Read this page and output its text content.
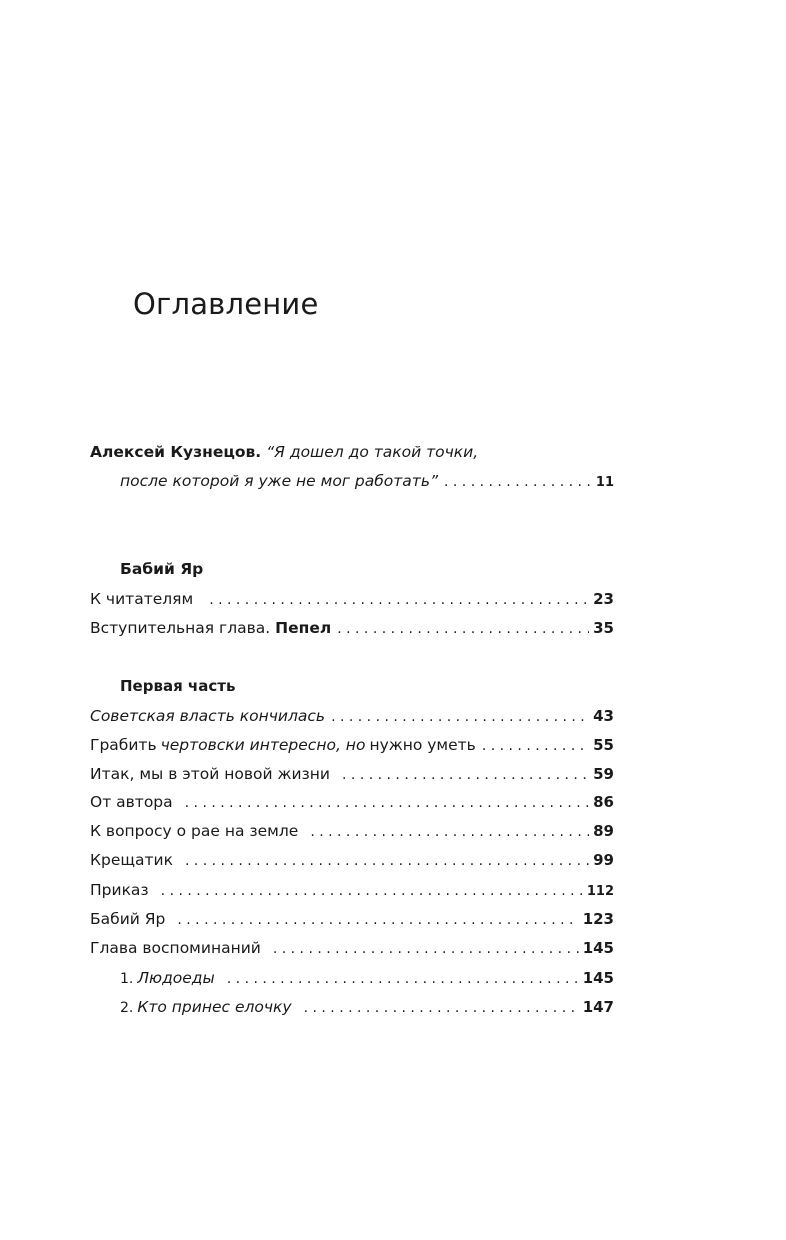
Оглавление
Алексей Кузнецов. “Я дошел до такой точки,
после которой я уже не мог работать” . . .	11
Бабий Яр
К читателям . . .	23
Вступительная глава. Пепел . . .	35
Первая часть
Советская власть кончилась . . .	43
Грабить чертовски интересно , но нужно уметь . . .	55
Итак, мы в этой новой жизни . . .	59
От автора . . .	86
К вопросу о рае на земле . . .	89
Крещатик . . .	99
Приказ . . .	112
Бабий Яр . . .	123
Глава воспоминаний . . .	145
1. Людоеды . . .	145
2. Кто принес елочку . . .	147
